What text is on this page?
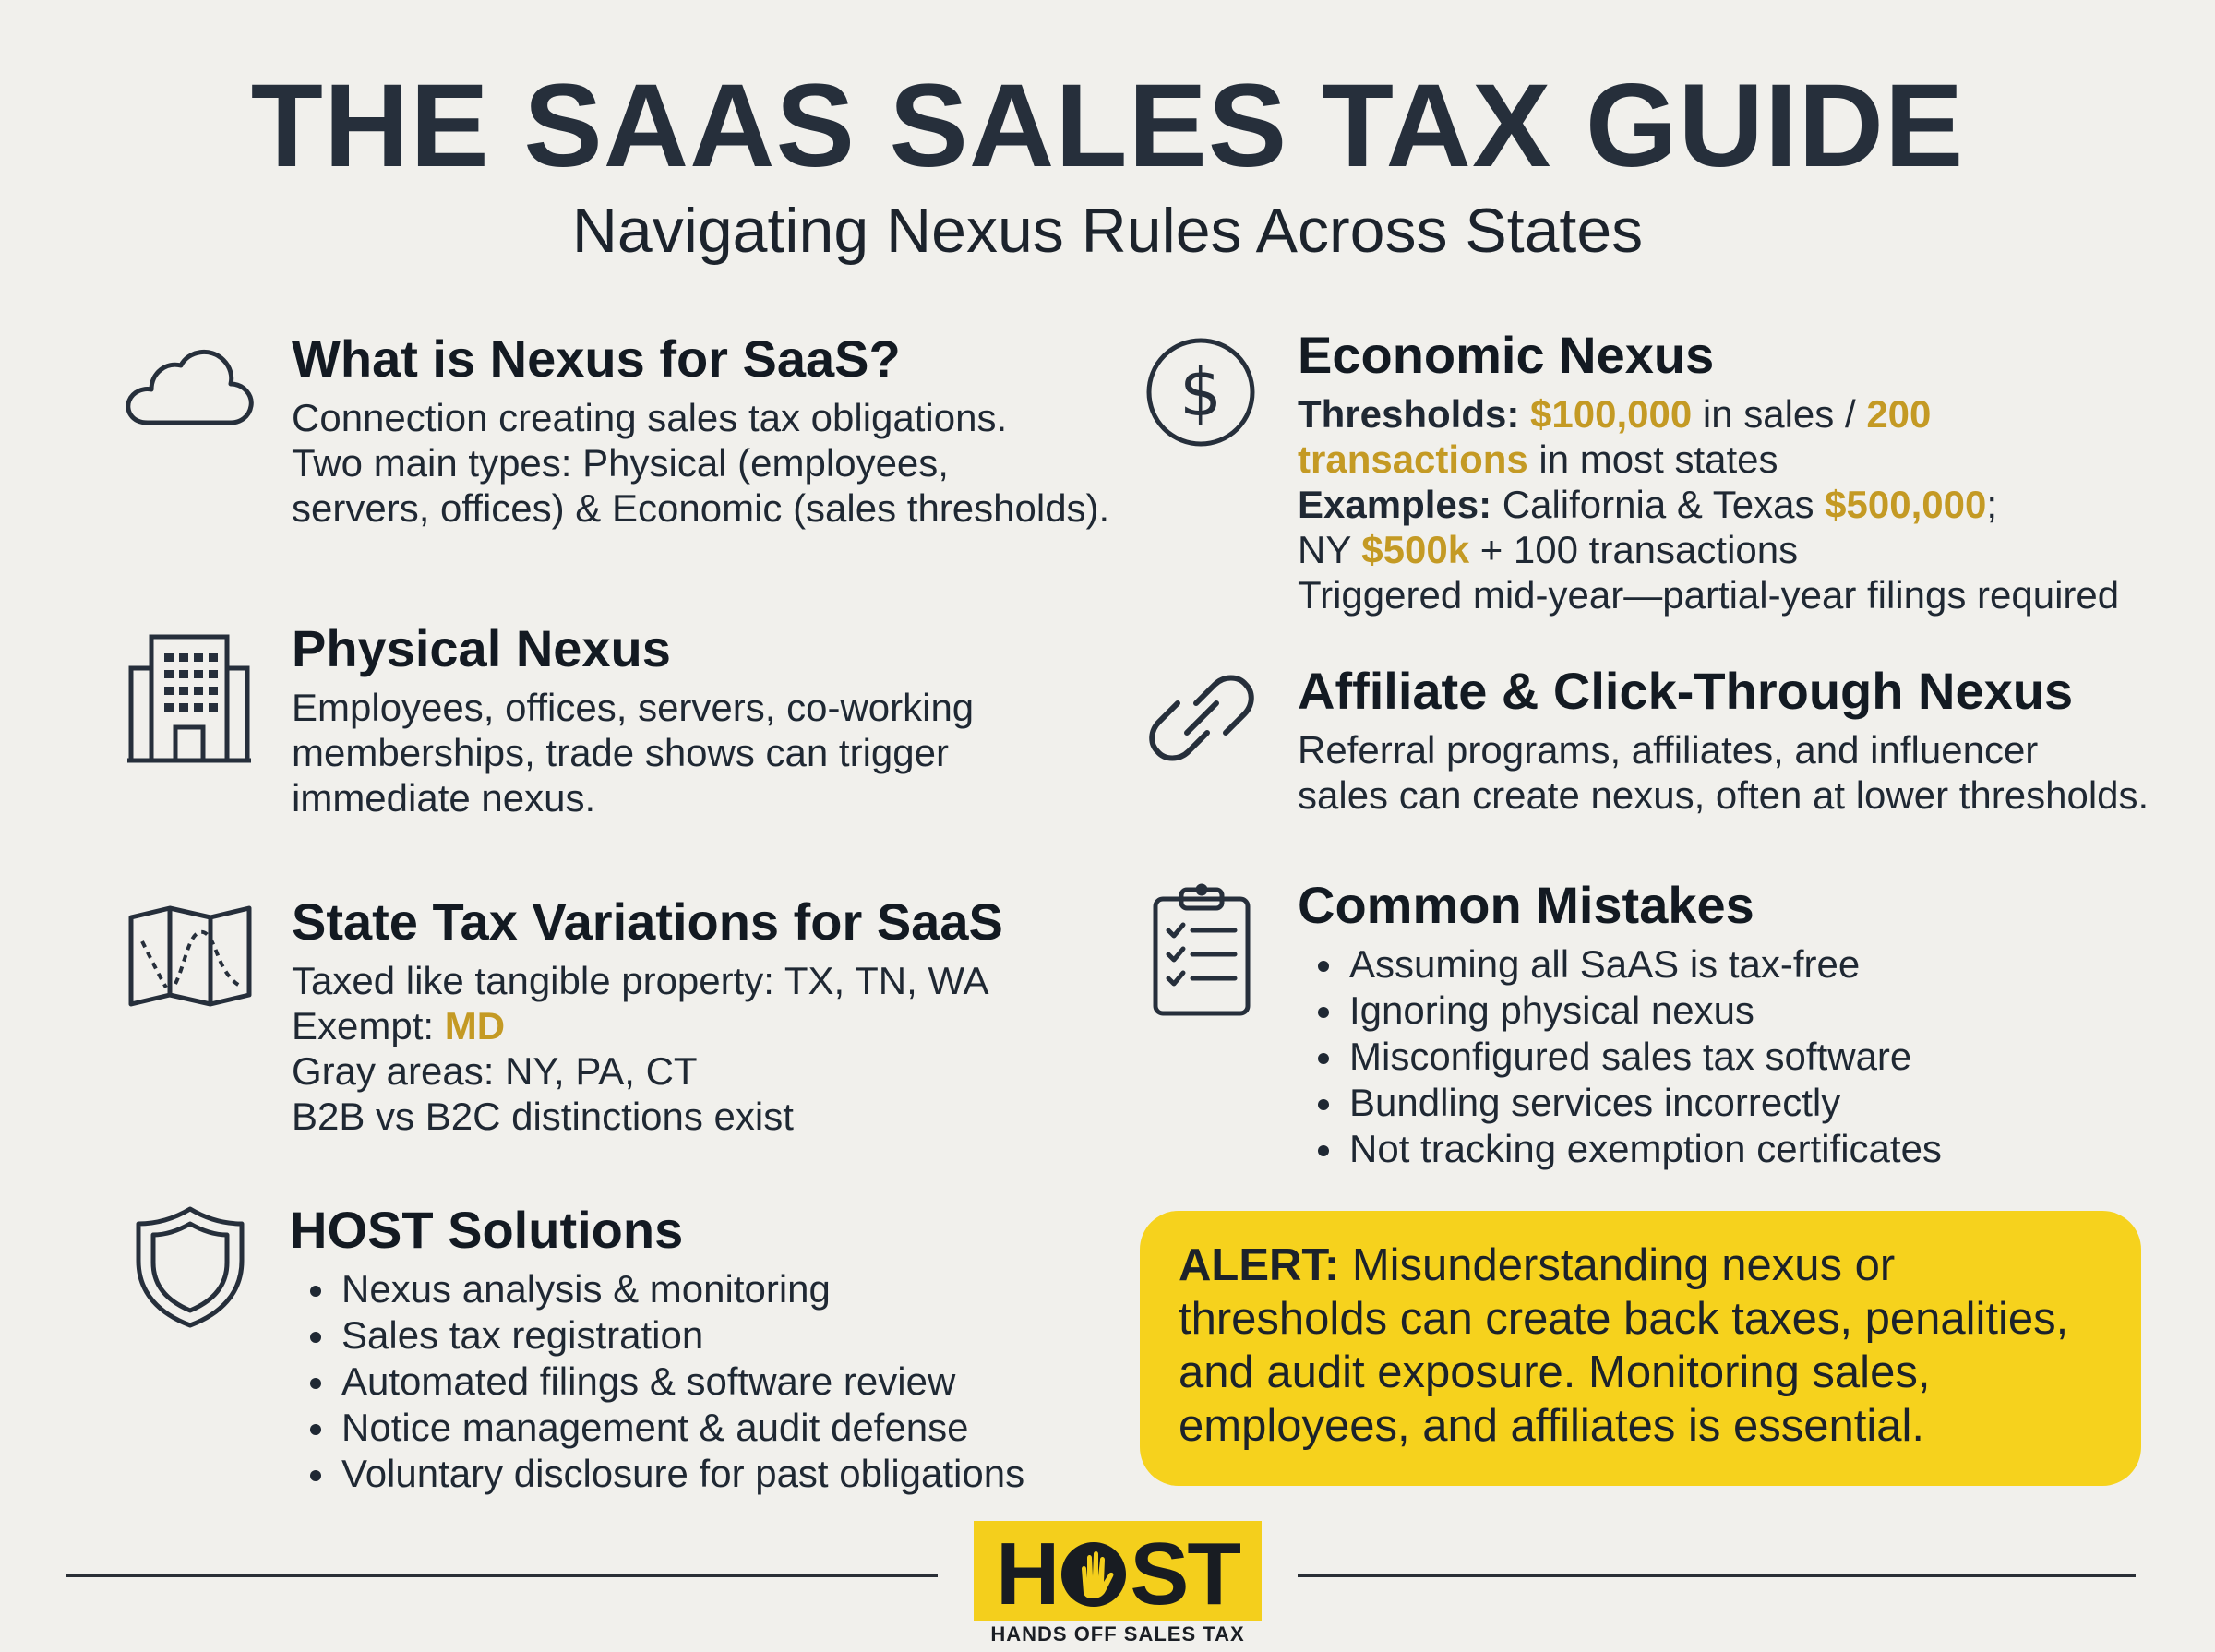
THE SAAS SALES TAX GUIDE
Navigating Nexus Rules Across States
What is Nexus for SaaS?
Connection creating sales tax obligations.
Two main types: Physical (employees,
servers, offices) & Economic (sales thresholds).
Physical Nexus
Employees, offices, servers, co-working
memberships, trade shows can trigger
immediate nexus.
State Tax Variations for SaaS
Taxed like tangible property: TX, TN, WA
Exempt: MD
Gray areas: NY, PA, CT
B2B vs B2C distinctions exist
HOST Solutions
Nexus analysis & monitoring
Sales tax registration
Automated filings & software review
Notice management & audit defense
Voluntary disclosure for past obligations
$ Economic Nexus
Thresholds: $100,000 in sales / 200
transactions in most states
Examples: California & Texas $500,000;
NY $500k + 100 transactions
Triggered mid-year—partial-year filings required
Affiliate & Click-Through Nexus
Referral programs, affiliates, and influencer
sales can create nexus, often at lower thresholds.
Common Mistakes
Assuming all SaAS is tax-free
Ignoring physical nexus
Misconfigured sales tax software
Bundling services incorrectly
Not tracking exemption certificates

ALERT: Misunderstanding nexus or

thresholds can create back taxes, penalities,

and audit exposure. Monitoring sales,

employees, and affiliates is essential.

H ST
HANDS OFF SALES TAX
